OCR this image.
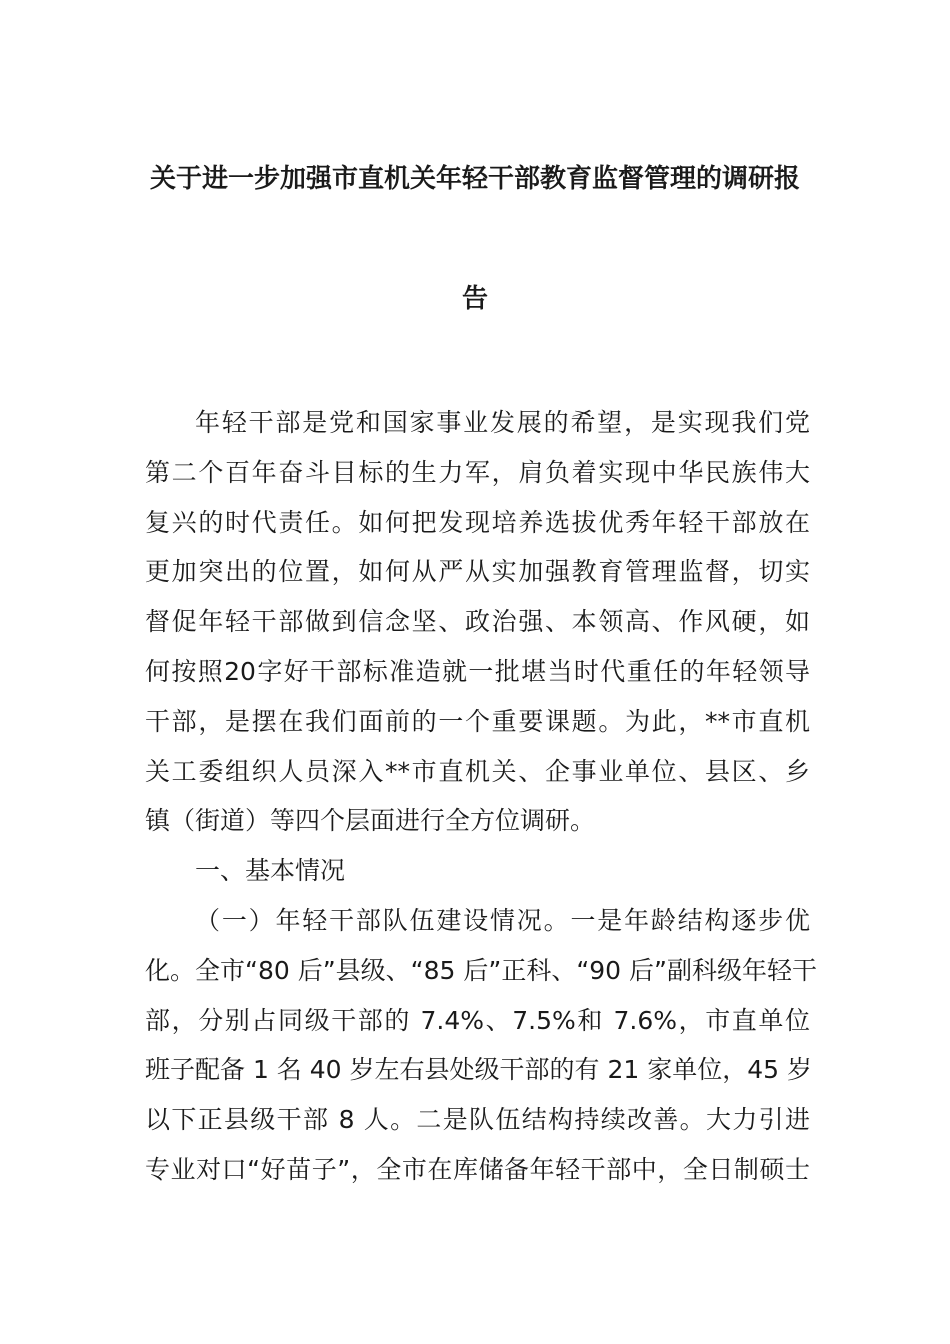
关于进一步加强市直机关年轻干部教育监督管理的调研报
告
年轻干部是党和国家事业发展的希望，是实现我们党
第二个百年奋斗目标的生力军，肩负着实现中华民族伟大
复兴的时代责任。如何把发现培养选拔优秀年轻干部放在
更加突出的位置，如何从严从实加强教育管理监督，切实
督促年轻干部做到信念坚、政治强、本领高、作风硬，如
何按照20字好干部标准造就一批堪当时代重任的年轻领导
干部，是摆在我们面前的一个重要课题。为此，**市直机
关工委组织人员深入**市直机关、企事业单位、县区、乡
镇（街道）等四个层面进行全方位调研。
一、基本情况
（一）年轻干部队伍建设情况。一是年龄结构逐步优
化。全市“80 后”县级、“85 后”正科、“90 后”副科级年轻干
部，分别占同级干部的 7.4%、7.5%和 7.6%，市直单位
班子配备 1 名 40 岁左右县处级干部的有 21 家单位，45 岁
以下正县级干部 8 人。二是队伍结构持续改善。大力引进
专业对口“好苗子”，全市在库储备年轻干部中，全日制硕士
